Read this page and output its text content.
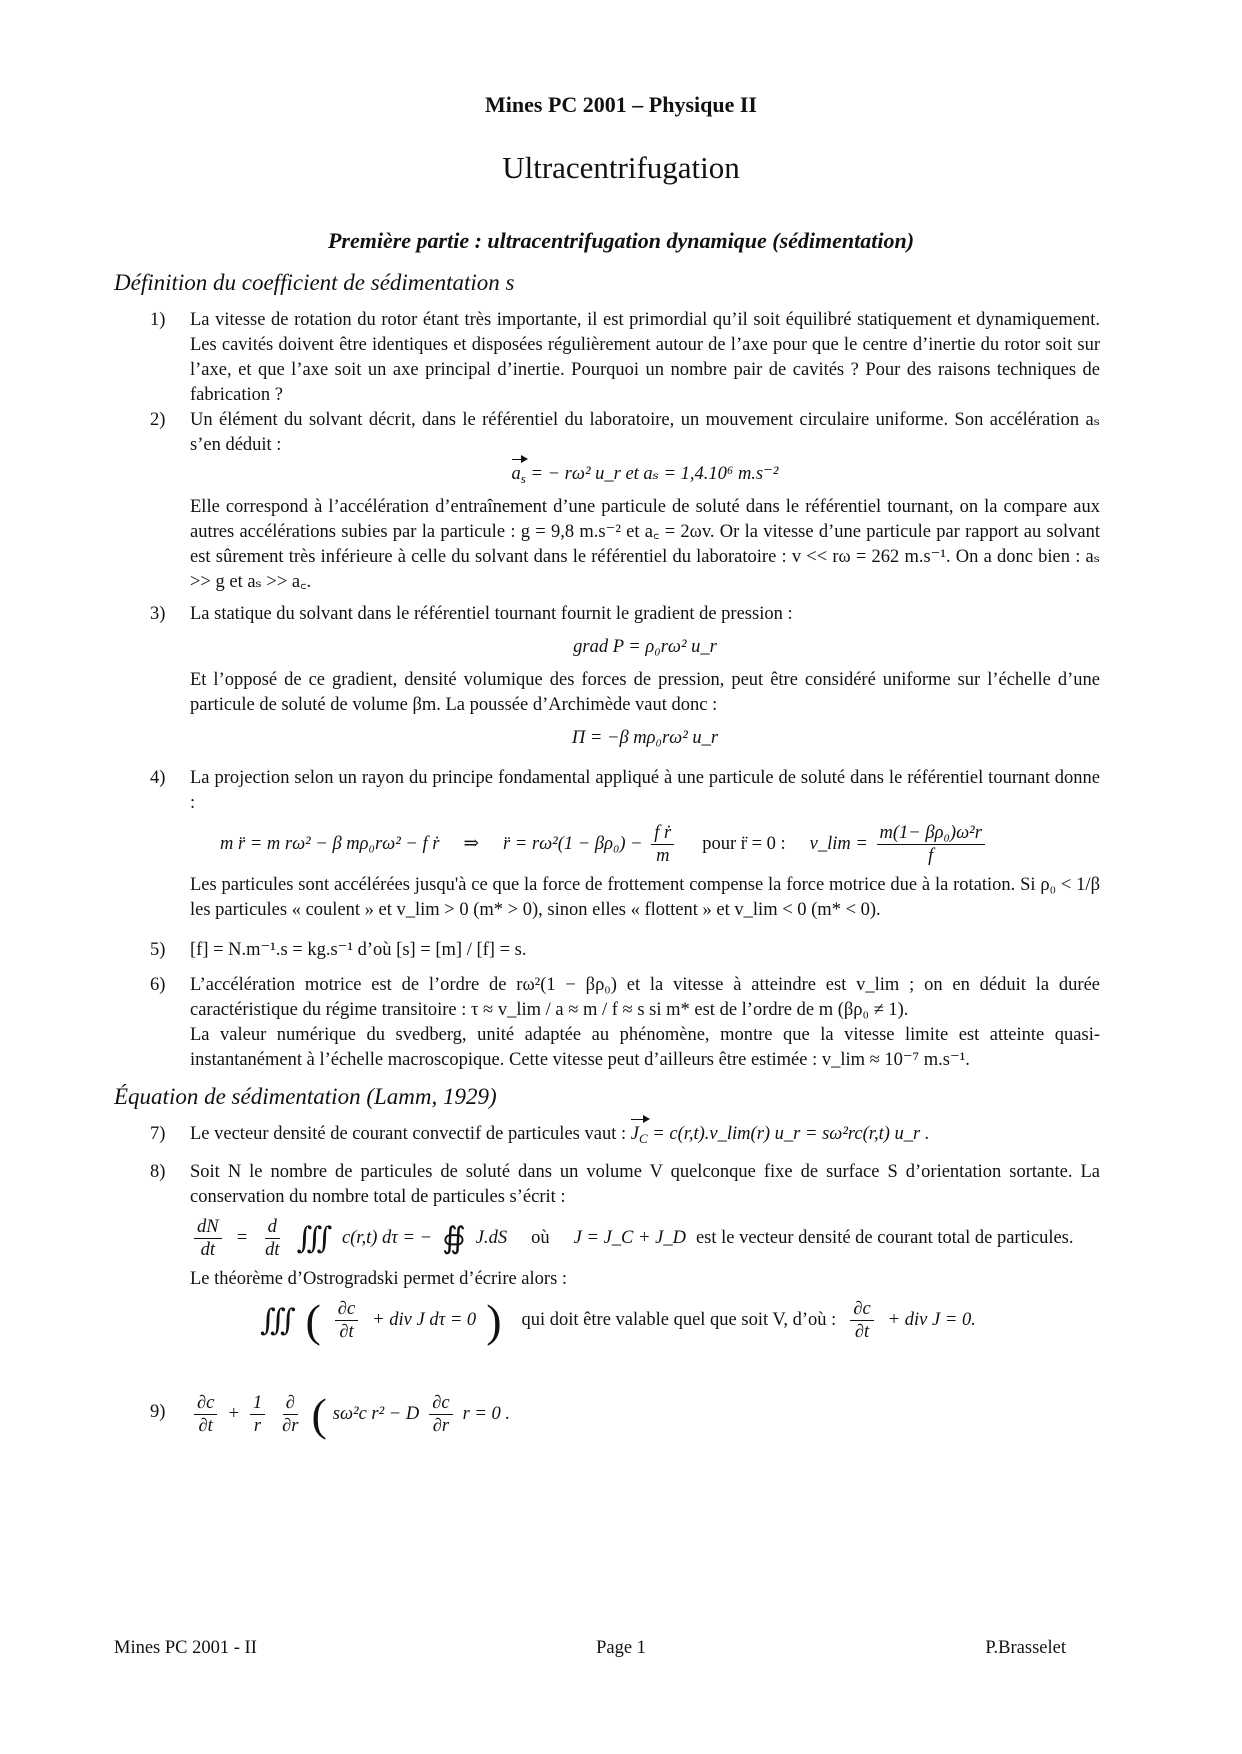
Mines PC 2001 – Physique II
Ultracentrifugation
Première partie : ultracentrifugation dynamique (sédimentation)
Définition du coefficient de sédimentation s
1)	La vitesse de rotation du rotor étant très importante, il est primordial qu’il soit équilibré statiquement et dynamiquement. Les cavités doivent être identiques et disposées régulièrement autour de l’axe pour que le centre d’inertie du rotor soit sur l’axe, et que l’axe soit un axe principal d’inertie. Pourquoi un nombre pair de cavités ? Pour des raisons techniques de fabrication ?
2)	Un élément du solvant décrit, dans le référentiel du laboratoire, un mouvement circulaire uniforme. Son accélération aₛ s’en déduit :
$a_s$ = − rω² u_r et aₛ = 1,4.10⁶ m.s⁻²
Elle correspond à l’accélération d’entraînement d’une particule de soluté dans le référentiel tournant, on la compare aux autres accélérations subies par la particule : g = 9,8 m.s⁻² et a꜀ = 2ωv. Or la vitesse d’une particule par rapport au solvant est sûrement très inférieure à celle du solvant dans le référentiel du laboratoire : v << rω = 262 m.s⁻¹. On a donc bien : aₛ >> g et aₛ >> a꜀.
3)	La statique du solvant dans le référentiel tournant fournit le gradient de pression :
grad P = ρ₀rω² u_r
Et l’opposé de ce gradient, densité volumique des forces de pression, peut être considéré uniforme sur l’échelle d’une particule de soluté de volume βm. La poussée d’Archimède vaut donc :
Π = −β mρ₀rω² u_r
4)	La projection selon un rayon du principe fondamental appliqué à une particule de soluté dans le référentiel tournant donne :
m r̈ = m rω² − β mρ₀rω² − f ṙ ⇒ r̈ = $r\omega^2(1 - \beta\rho_0) - \frac{\text{f ṙ}}{m}$ pour r̈ = 0 : v_lim = $\frac{\text{m(1− βρ₀)ω²r}}{f}$
Les particules sont accélérées jusqu'à ce que la force de frottement compense la force motrice due à la rotation. Si ρ₀ < 1/β les particules « coulent » et v_lim > 0 (m* > 0), sinon elles « flottent » et v_lim < 0 (m* < 0).
5)	[f] = N.m⁻¹.s = kg.s⁻¹ d’où [s] = [m] / [f] = s.
6)	L’accélération motrice est de l’ordre de rω²(1 − βρ₀) et la vitesse à atteindre est v_lim ; on en déduit la durée caractéristique du régime transitoire : τ ≈ v_lim / a ≈ m / f ≈ s si m* est de l’ordre de m (βρ₀ ≠ 1).
La valeur numérique du svedberg, unité adaptée au phénomène, montre que la vitesse limite est atteinte quasi-instantanément à l’échelle macroscopique. Cette vitesse peut d’ailleurs être estimée : v_lim ≈ 10⁻⁷ m.s⁻¹.
Équation de sédimentation (Lamm, 1929)
7)	Le vecteur densité de courant convectif de particules vaut : $J_C$ = c(r,t).v_lim(r) u_r = sω²rc(r,t) u_r .
8)	Soit N le nombre de particules de soluté dans un volume V quelconque fixe de surface S d’orientation sortante. La conservation du nombre total de particules s’écrit :
$\frac{dN}{dt} = \frac{d}{dt}$ ∭ c(r,t) dτ = − ∯ J.dS où J = J_C + J_D est le vecteur densité de courant total de particules.
Le théorème d’Ostrogradski permet d’écrire alors :
∭ ( $\frac{\partial c}{\partial t}$ + div J dτ = 0 ) qui doit être valable quel que soit V, d’où : $\frac{\partial c}{\partial t}$ + div J = 0.
9)	$\frac{\partial c}{\partial t} + \frac{1}{r} \frac{\partial}{\partial r}$ ( sω²c r² − D $\frac{\partial c}{\partial r}$ r = 0 .
Mines PC 2001 - II	Page 1	P.Brasselet
